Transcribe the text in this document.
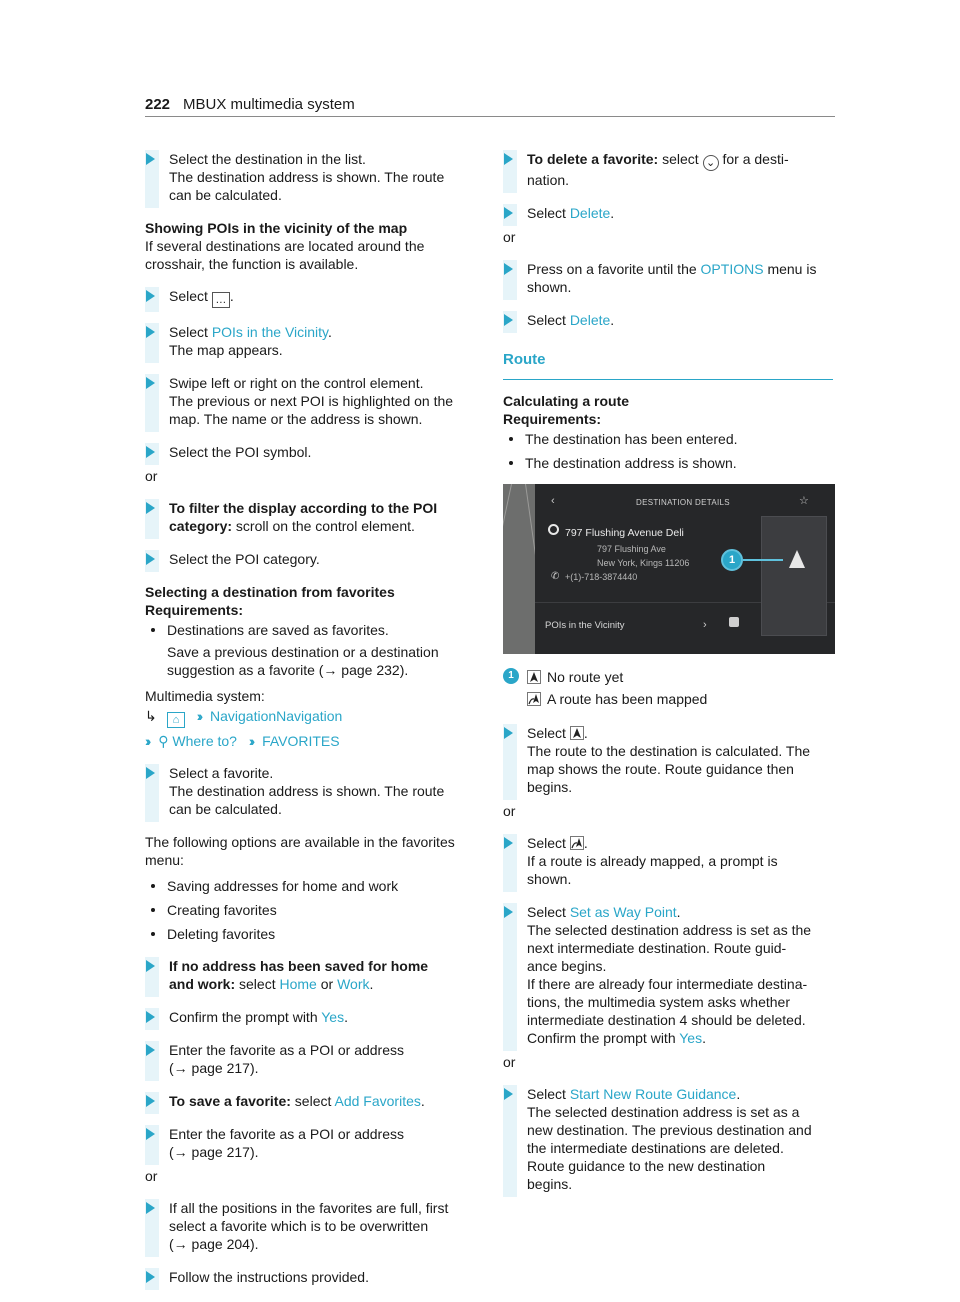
222 MBUX multimedia system
Select the destination in the list.
The destination address is shown. The route
can be calculated.
Showing POIs in the vicinity of the map
If several destinations are located around the
crosshair, the function is available.
Select … .
Select POIs in the Vicinity.
The map appears.
Swipe left or right on the control element.
The previous or next POI is highlighted on the
map. The name or the address is shown.
Select the POI symbol.
or
To filter the display according to the POI
category: scroll on the control element.
Select the POI category.
Selecting a destination from favorites
Requirements:
Destinations are saved as favorites.
Save a previous destination or a destination
suggestion as a favorite (→ page 232).
Multimedia system:
↳ ⌂ ›› NavigationNavigation
›› ⚲ Where to? ›› FAVORITES
Select a favorite.
The destination address is shown. The route
can be calculated.
The following options are available in the favorites
menu:
Saving addresses for home and work
Creating favorites
Deleting favorites
If no address has been saved for home
and work: select Home or Work.
Confirm the prompt with Yes.
Enter the favorite as a POI or address
(→ page 217).
To save a favorite: select Add Favorites.
Enter the favorite as a POI or address
(→ page 217).
or
If all the positions in the favorites are full, first
select a favorite which is to be overwritten
(→ page 204).
Follow the instructions provided.
To delete a favorite: select ⌄ for a desti-
nation.
Select Delete.
or
Press on a favorite until the OPTIONS menu is
shown.
Select Delete.
Route
Calculating a route
Requirements:
The destination has been entered.
The destination address is shown.
‹	DESTINATION DETAILS	☆
797 Flushing Avenue Deli
797 Flushing Ave
New York, Kings 11206
✆ +(1)-718-3874440
POIs in the Vicinity	›
1
1	No route yet
A route has been mapped
Select .
The route to the destination is calculated. The
map shows the route. Route guidance then
begins.
or
Select .
If a route is already mapped, a prompt is
shown.
Select Set as Way Point.
The selected destination address is set as the
next intermediate destination. Route guid-
ance begins.
If there are already four intermediate destina-
tions, the multimedia system asks whether
intermediate destination 4 should be deleted.
Confirm the prompt with Yes.
or
Select Start New Route Guidance.
The selected destination address is set as a
new destination. The previous destination and
the intermediate destinations are deleted.
Route guidance to the new destination
begins.
